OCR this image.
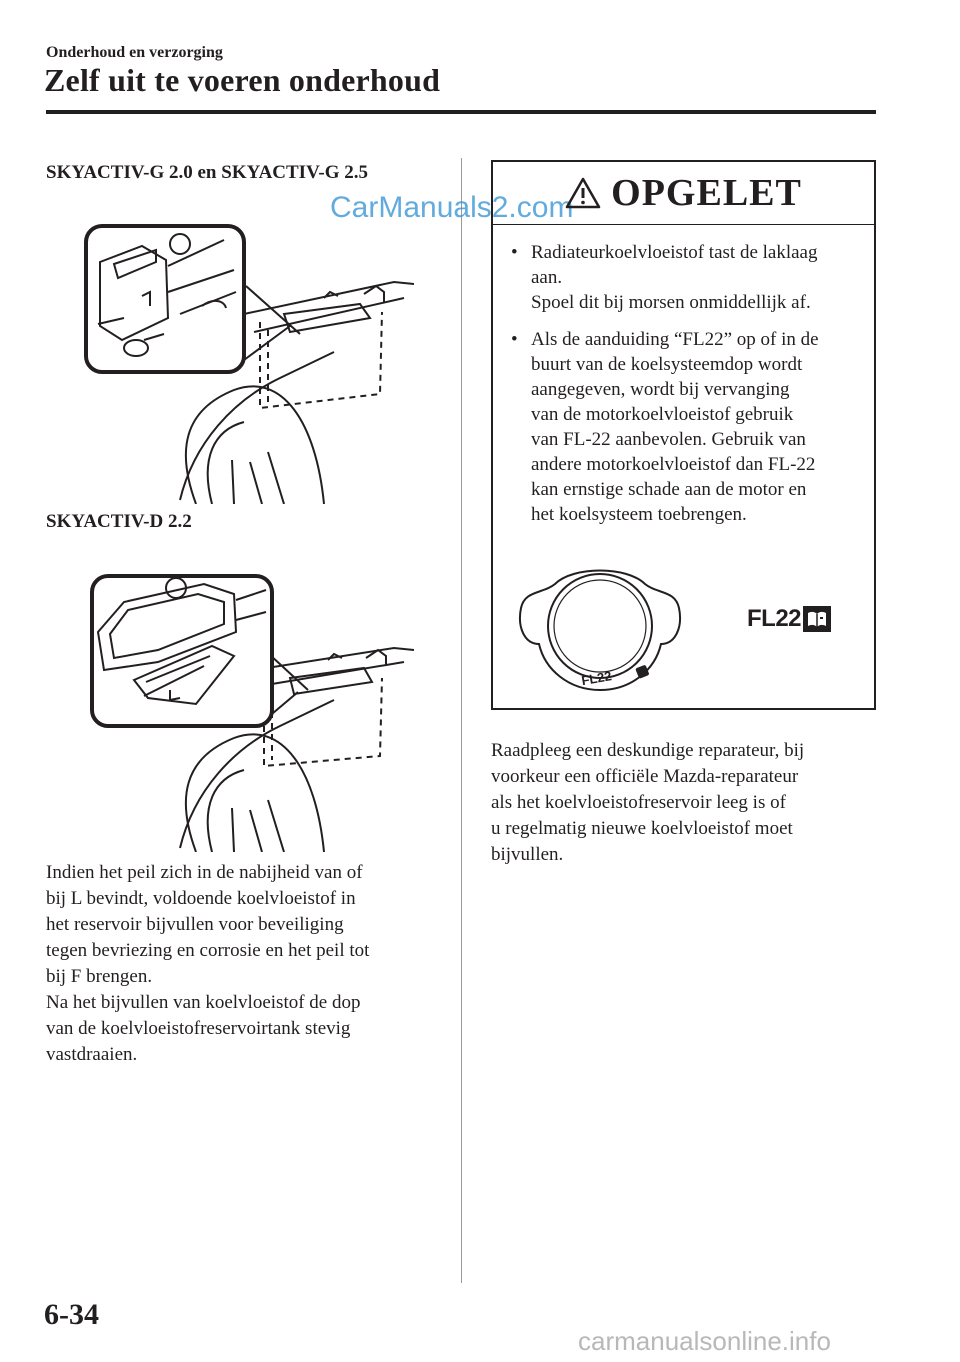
Onderhoud en verzorging
Zelf uit te voeren onderhoud
SKYACTIV-G 2.0 en SKYACTIV-G 2.5
CarManuals2.com
SKYACTIV-D 2.2

Indien het peil zich in de nabijheid van of

bij L bevindt, voldoende koelvloeistof in

het reservoir bijvullen voor beveiliging

tegen bevriezing en corrosie en het peil tot

bij F brengen.

Na het bijvullen van koelvloeistof de dop

van de koelvloeistofreservoirtank stevig

vastdraaien.

OPGELET
• Radiateurkoelvloeistof tast de laklaag
aan.
Spoel dit bij morsen onmiddellijk af.
• Als de aanduiding “FL22” op of in de
buurt van de koelsysteemdop wordt
aangegeven, wordt bij vervanging
van de motorkoelvloeistof gebruik
van FL-22 aanbevolen. Gebruik van
andere motorkoelvloeistof dan FL-22
kan ernstige schade aan de motor en
het koelsysteem toebrengen.
FL22
FL22

Raadpleeg een deskundige reparateur, bij

voorkeur een officiële Mazda-reparateur

als het koelvloeistofreservoir leeg is of

u regelmatig nieuwe koelvloeistof moet

bijvullen.

6-34
carmanualsonline.info
